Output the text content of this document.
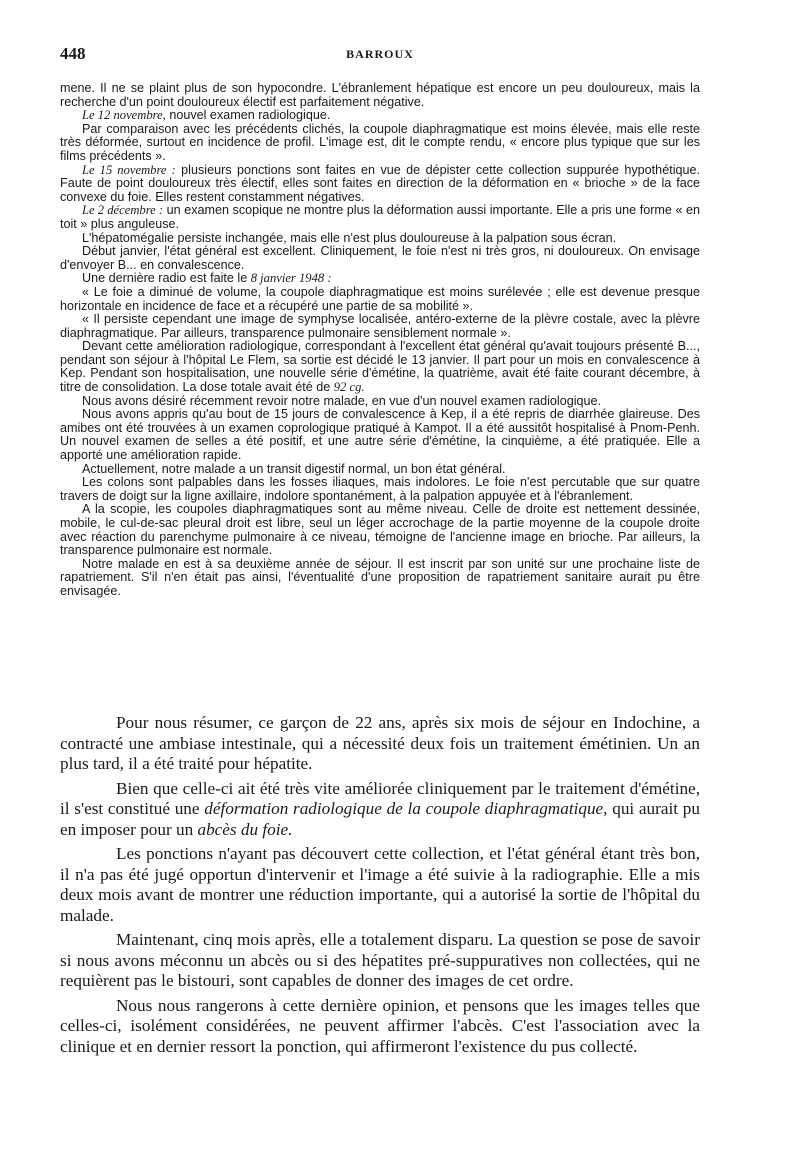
448	BARROUX

mene. Il ne se plaint plus de son hypocondre. L'ébranlement hépatique est encore un peu douloureux, mais la recherche d'un point douloureux électif est parfaitement négative.

Le 12 novembre, nouvel examen radiologique.

Par comparaison avec les précédents clichés, la coupole diaphragmatique est moins élevée, mais elle reste très déformée, surtout en incidence de profil. L'image est, dit le compte rendu, « encore plus typique que sur les films précédents ».

Le 15 novembre : plusieurs ponctions sont faites en vue de dépister cette collection suppurée hypothétique. Faute de point douloureux très électif, elles sont faites en direction de la déformation en « brioche » de la face convexe du foie. Elles restent constamment négatives.

Le 2 décembre : un examen scopique ne montre plus la déformation aussi importante. Elle a pris une forme « en toit » plus anguleuse.

L'hépatomégalie persiste inchangée, mais elle n'est plus douloureuse à la palpation sous écran.

Début janvier, l'état général est excellent. Cliniquement, le foie n'est ni très gros, ni douloureux. On envisage d'envoyer B... en convalescence.

Une dernière radio est faite le 8 janvier 1948 :

« Le foie a diminué de volume, la coupole diaphragmatique est moins surélevée ; elle est devenue presque horizontale en incidence de face et a récupéré une partie de sa mobilité ».

« Il persiste cependant une image de symphyse localisée, antéro-externe de la plèvre costale, avec la plèvre diaphragmatique. Par ailleurs, transparence pulmonaire sensiblement normale ».

Devant cette amélioration radiologique, correspondant à l'excellent état général qu'avait toujours présenté B..., pendant son séjour à l'hôpital Le Flem, sa sortie est décidé le 13 janvier. Il part pour un mois en convalescence à Kep. Pendant son hospitalisation, une nouvelle série d'émétine, la quatrième, avait été faite courant décembre, à titre de consolidation. La dose totale avait été de 92 cg.

Nous avons désiré récemment revoir notre malade, en vue d'un nouvel examen radiologique.

Nous avons appris qu'au bout de 15 jours de convalescence à Kep, il a été repris de diarrhée glaireuse. Des amibes ont été trouvées à un examen coprologique pratiqué à Kampot. Il a été aussitôt hospitalisé à Pnom-Penh. Un nouvel examen de selles a été positif, et une autre série d'émétine, la cinquième, a été pratiquée. Elle a apporté une amélioration rapide.

Actuellement, notre malade a un transit digestif normal, un bon état général.

Les colons sont palpables dans les fosses iliaques, mais indolores. Le foie n'est percutable que sur quatre travers de doigt sur la ligne axillaire, indolore spontanément, à la palpation appuyée et à l'ébranlement.

A la scopie, les coupoles diaphragmatiques sont au même niveau. Celle de droite est nettement dessinée, mobile, le cul-de-sac pleural droit est libre, seul un léger accrochage de la partie moyenne de la coupole droite avec réaction du parenchyme pulmonaire à ce niveau, témoigne de l'ancienne image en brioche. Par ailleurs, la transparence pulmonaire est normale.

Notre malade en est à sa deuxième année de séjour. Il est inscrit par son unité sur une prochaine liste de rapatriement. S'il n'en était pas ainsi, l'éventualité d'une proposition de rapatriement sanitaire aurait pu être envisagée.

Pour nous résumer, ce garçon de 22 ans, après six mois de séjour en Indochine, a contracté une ambiase intestinale, qui a nécessité deux fois un traitement émétinien. Un an plus tard, il a été traité pour hépatite.

Bien que celle-ci ait été très vite améliorée cliniquement par le traitement d'émétine, il s'est constitué une déformation radiologique de la coupole diaphragmatique, qui aurait pu en imposer pour un abcès du foie.

Les ponctions n'ayant pas découvert cette collection, et l'état général étant très bon, il n'a pas été jugé opportun d'intervenir et l'image a été suivie à la radiographie. Elle a mis deux mois avant de montrer une réduction importante, qui a autorisé la sortie de l'hôpital du malade.

Maintenant, cinq mois après, elle a totalement disparu. La question se pose de savoir si nous avons méconnu un abcès ou si des hépatites pré-suppuratives non collectées, qui ne requièrent pas le bistouri, sont capables de donner des images de cet ordre.

Nous nous rangerons à cette dernière opinion, et pensons que les images telles que celles-ci, isolément considérées, ne peuvent affirmer l'abcès. C'est l'association avec la clinique et en dernier ressort la ponction, qui affirmeront l'existence du pus collecté.
